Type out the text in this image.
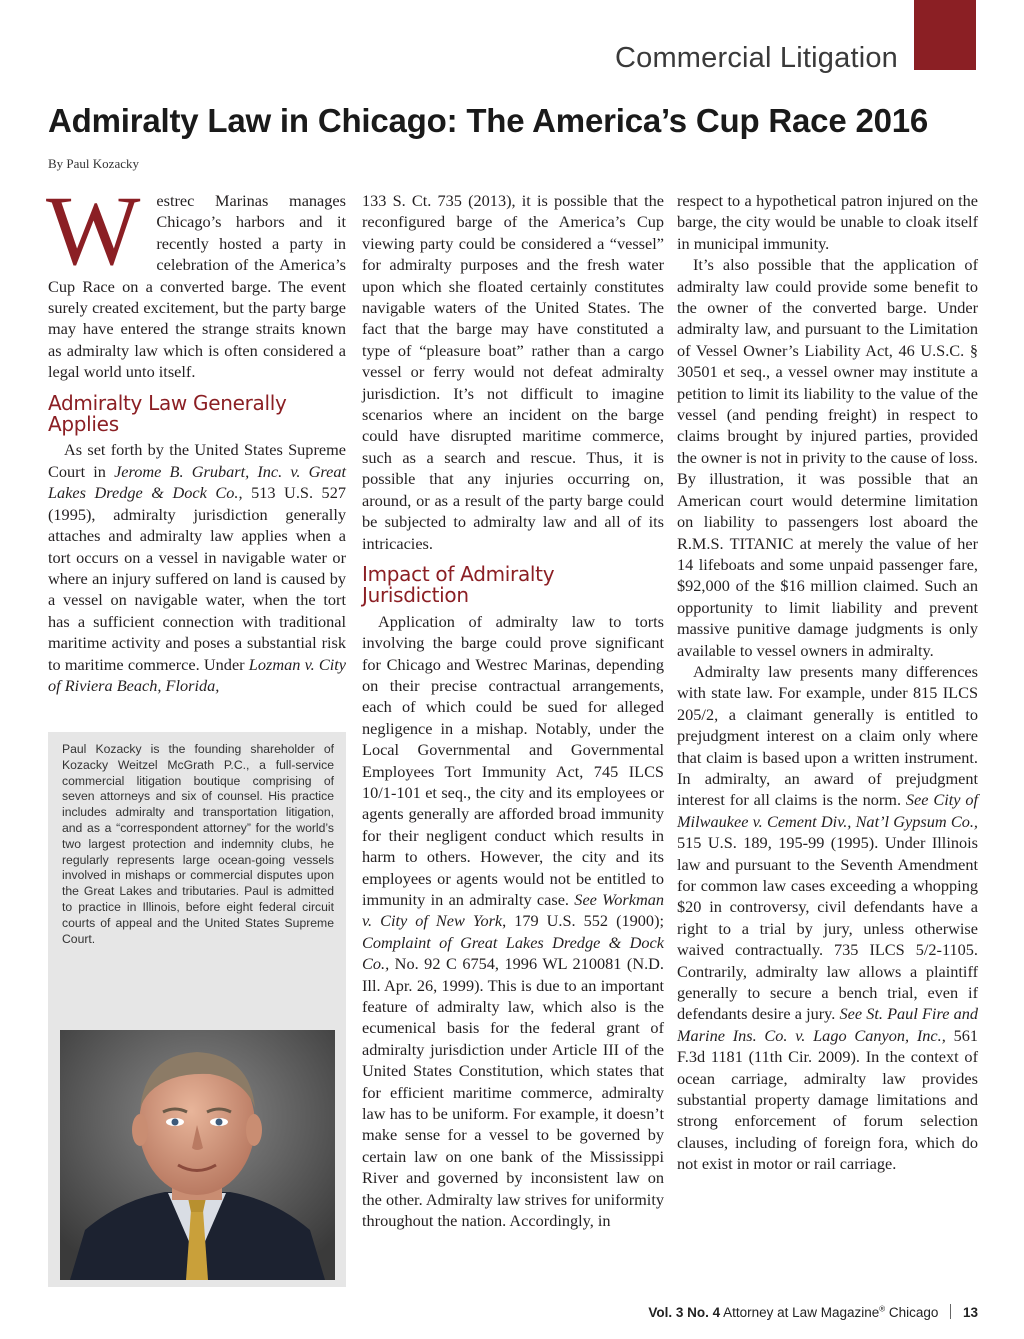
Commercial Litigation
Admiralty Law in Chicago: The America’s Cup Race 2016
By Paul Kozacky

Westrec Marinas manages Chicago’s harbors and it recently hosted a party in celebration of the America’s Cup Race on a converted barge. The event surely created excitement, but the party barge may have entered the strange straits known as admiralty law which is often considered a legal world unto itself.

Admiralty Law Generally Applies

As set forth by the United States Supreme Court in Jerome B. Grubart, Inc. v. Great Lakes Dredge & Dock Co., 513 U.S. 527 (1995), admiralty jurisdiction generally attaches and admiralty law applies when a tort occurs on a vessel in navigable water or where an injury suffered on land is caused by a vessel on navigable water, when the tort has a sufficient connection with traditional maritime activity and poses a substantial risk to maritime commerce. Under Lozman v. City of Riviera Beach, Florida,

Paul Kozacky is the founding shareholder of Kozacky Weitzel McGrath P.C., a full-service commercial litigation boutique comprising of seven attorneys and six of counsel. His practice includes admiralty and transportation litigation, and as a “correspondent attorney” for the world’s two largest protection and indemnity clubs, he regularly represents large ocean-going vessels involved in mishaps or commercial disputes upon the Great Lakes and tributaries. Paul is admitted to practice in Illinois, before eight federal circuit courts of appeal and the United States Supreme Court.

133 S. Ct. 735 (2013), it is possible that the reconfigured barge of the America’s Cup viewing party could be considered a “vessel” for admiralty purposes and the fresh water upon which she floated certainly constitutes navigable waters of the United States. The fact that the barge may have constituted a type of “pleasure boat” rather than a cargo vessel or ferry would not defeat admiralty jurisdiction. It’s not difficult to imagine scenarios where an incident on the barge could have disrupted maritime commerce, such as a search and rescue. Thus, it is possible that any injuries occurring on, around, or as a result of the party barge could be subjected to admiralty law and all of its intricacies.

Impact of Admiralty Jurisdiction

Application of admiralty law to torts involving the barge could prove significant for Chicago and Westrec Marinas, depending on their precise contractual arrangements, each of which could be sued for alleged negligence in a mishap. Notably, under the Local Governmental and Governmental Employees Tort Immunity Act, 745 ILCS 10/1-101 et seq., the city and its employees or agents generally are afforded broad immunity for their negligent conduct which results in harm to others. However, the city and its employees or agents would not be entitled to immunity in an admiralty case. See Workman v. City of New York, 179 U.S. 552 (1900); Complaint of Great Lakes Dredge & Dock Co., No. 92 C 6754, 1996 WL 210081 (N.D. Ill. Apr. 26, 1999). This is due to an important feature of admiralty law, which also is the ecumenical basis for the federal grant of admiralty jurisdiction under Article III of the United States Constitution, which states that for efficient maritime commerce, admiralty law has to be uniform. For example, it doesn’t make sense for a vessel to be governed by certain law on one bank of the Mississippi River and governed by inconsistent law on the other. Admiralty law strives for uniformity throughout the nation. Accordingly, in

respect to a hypothetical patron injured on the barge, the city would be unable to cloak itself in municipal immunity.

It’s also possible that the application of admiralty law could provide some benefit to the owner of the converted barge. Under admiralty law, and pursuant to the Limitation of Vessel Owner’s Liability Act, 46 U.S.C. § 30501 et seq., a vessel owner may institute a petition to limit its liability to the value of the vessel (and pending freight) in respect to claims brought by injured parties, provided the owner is not in privity to the cause of loss. By illustration, it was possible that an American court would determine limitation on liability to passengers lost aboard the R.M.S. TITANIC at merely the value of her 14 lifeboats and some unpaid passenger fare, $92,000 of the $16 million claimed. Such an opportunity to limit liability and prevent massive punitive damage judgments is only available to vessel owners in admiralty.

Admiralty law presents many differences with state law. For example, under 815 ILCS 205/2, a claimant generally is entitled to prejudgment interest on a claim only where that claim is based upon a written instrument. In admiralty, an award of prejudgment interest for all claims is the norm. See City of Milwaukee v. Cement Div., Nat’l Gypsum Co., 515 U.S. 189, 195-99 (1995). Under Illinois law and pursuant to the Seventh Amendment for common law cases exceeding a whopping $20 in controversy, civil defendants have a right to a trial by jury, unless otherwise waived contractually. 735 ILCS 5/2-1105. Contrarily, admiralty law allows a plaintiff generally to secure a bench trial, even if defendants desire a jury. See St. Paul Fire and Marine Ins. Co. v. Lago Canyon, Inc., 561 F.3d 1181 (11th Cir. 2009). In the context of ocean carriage, admiralty law provides substantial property damage limitations and strong enforcement of forum selection clauses, including of foreign fora, which do not exist in motor or rail carriage.

Vol. 3 No. 4 Attorney at Law Magazine® Chicago 13
